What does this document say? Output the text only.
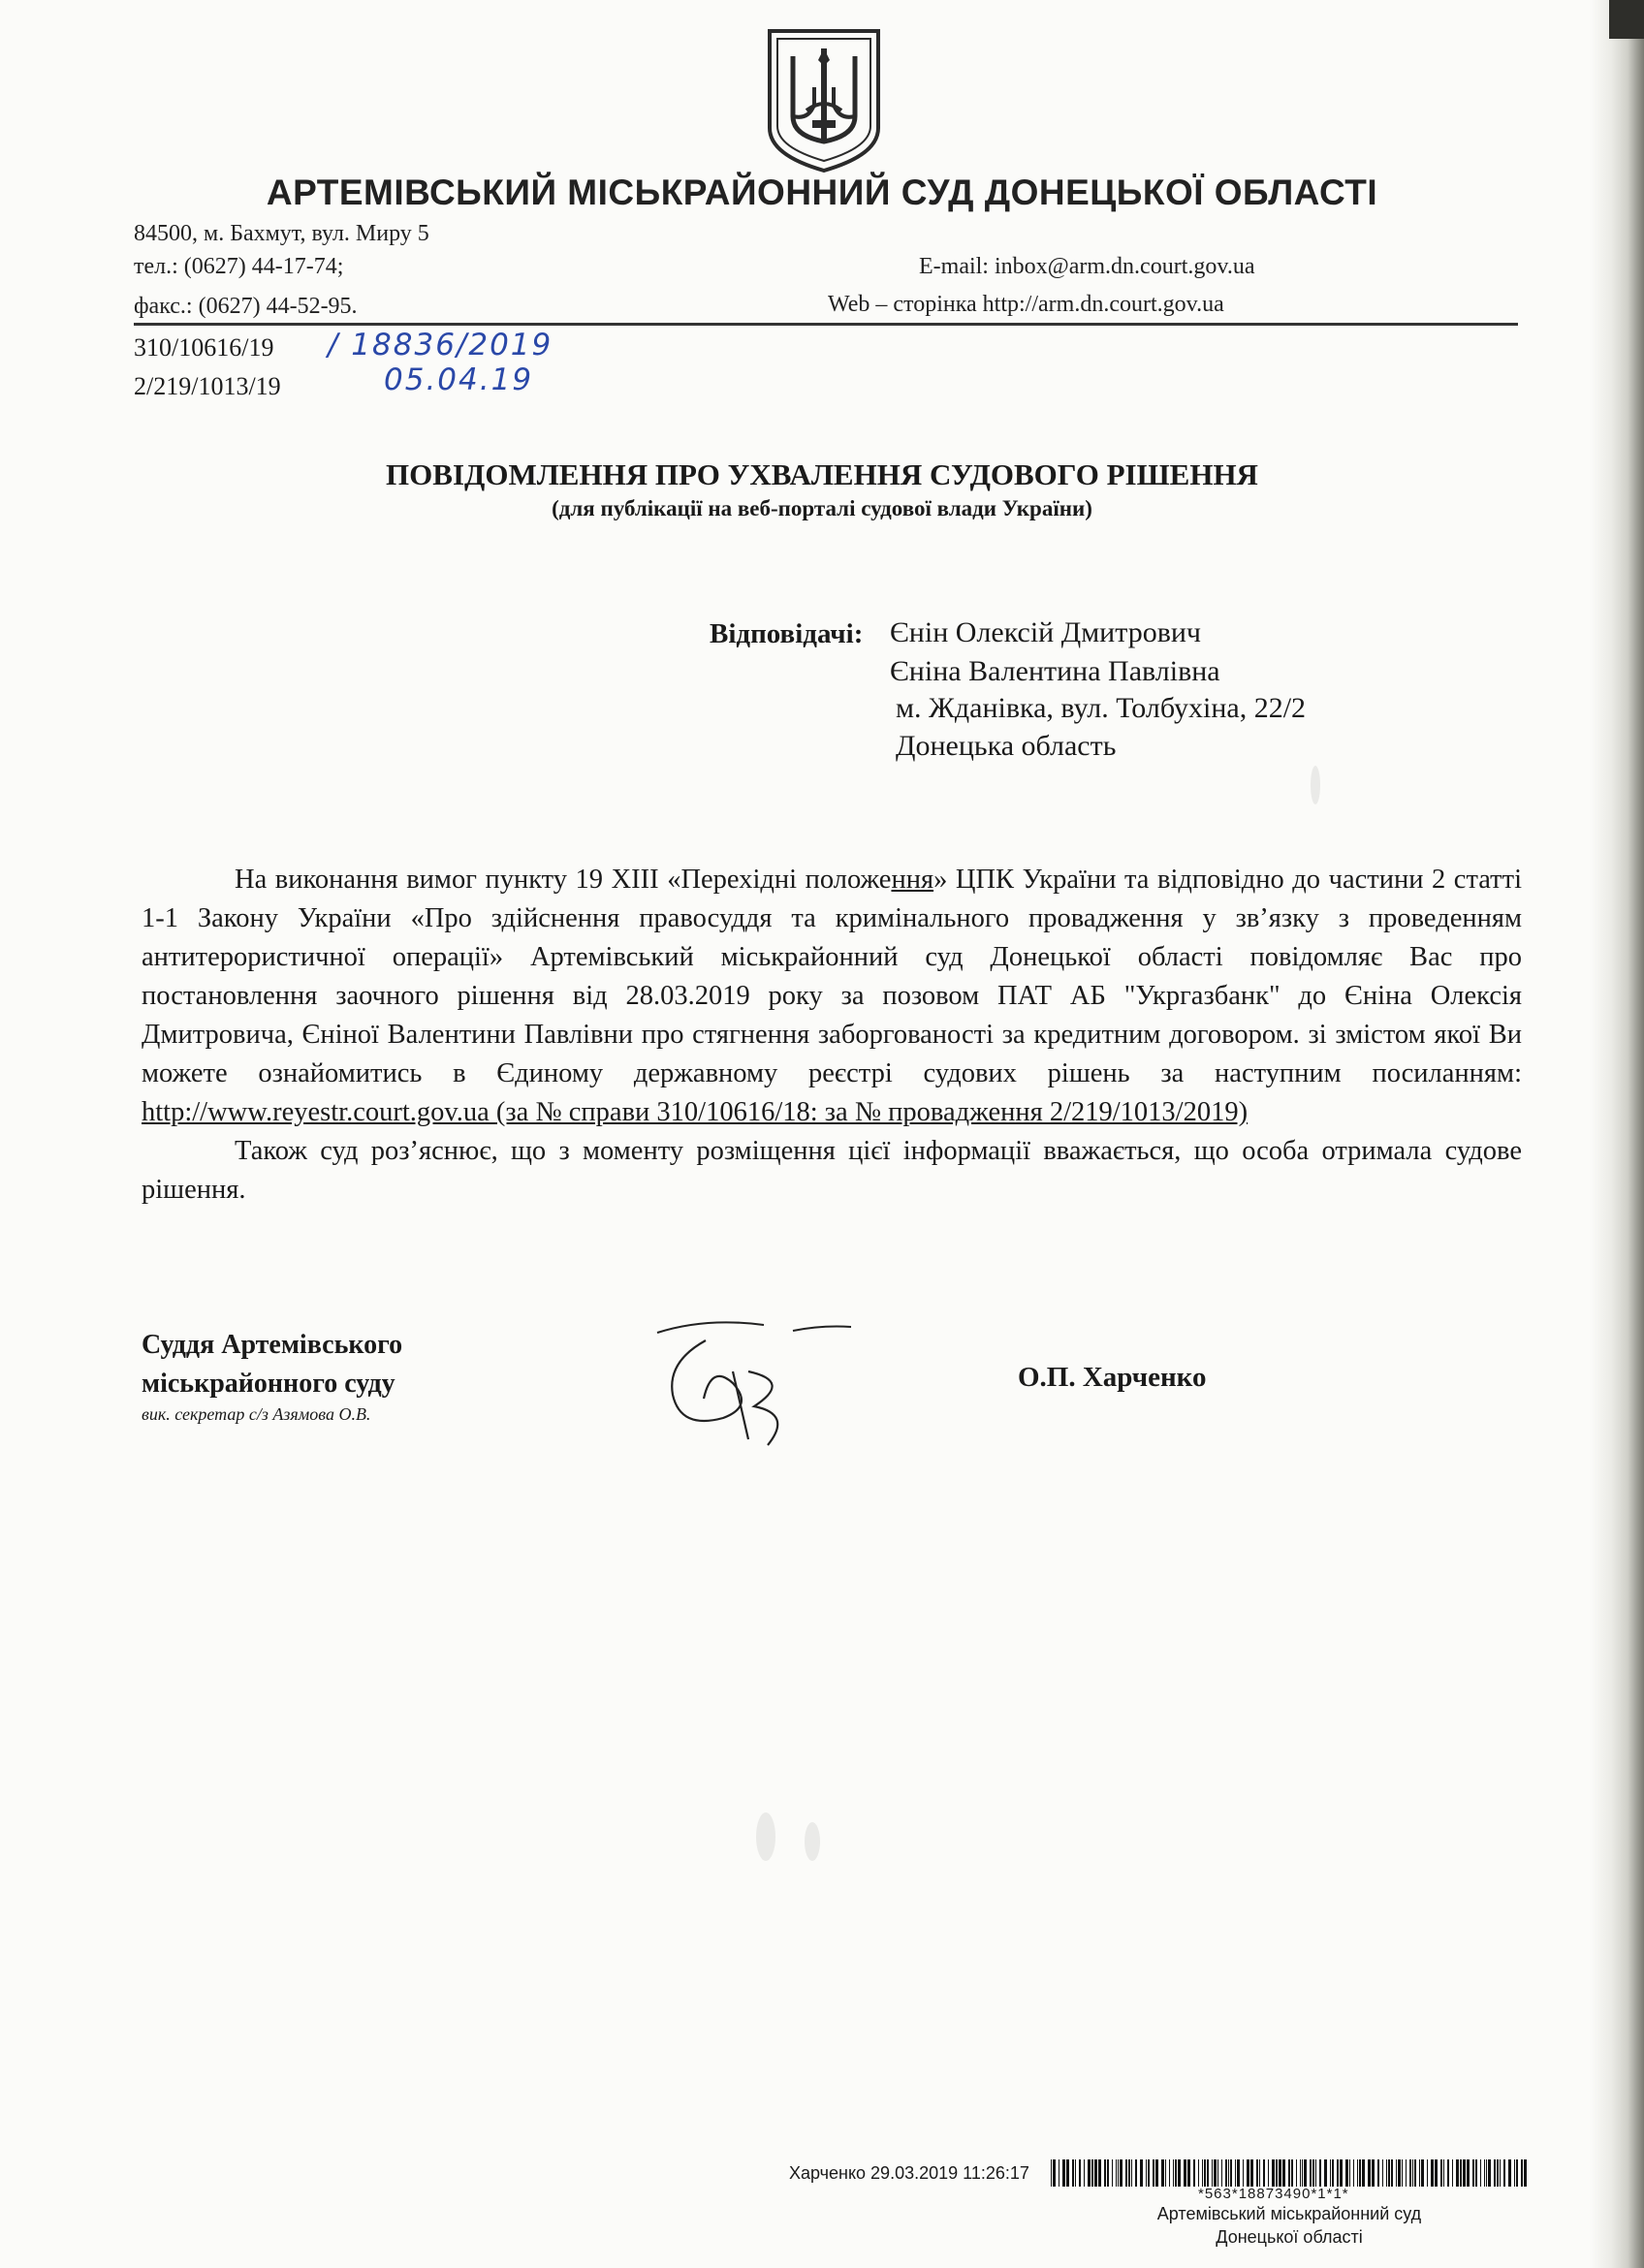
АРТЕМІВСЬКИЙ МІСЬКРАЙОННИЙ СУД ДОНЕЦЬКОЇ ОБЛАСТІ
84500, м. Бахмут, вул. Миру 5
тел.: (0627) 44-17-74;
факс.: (0627) 44-52-95.
E-mail: inbox@arm.dn.court.gov.ua
Web – сторінка http://arm.dn.court.gov.ua
310/10616/19
2/219/1013/19
/ 18836/2019
05.04.19
ПОВІДОМЛЕННЯ ПРО УХВАЛЕННЯ СУДОВОГО РІШЕННЯ
(для публікації на веб-порталі судової влади України)
Відповідачі: Єнін Олексій Дмитрович
Єніна Валентина Павлівна
м. Жданівка, вул. Толбухіна, 22/2
Донецька область

На виконання вимог пункту 19 XIII «Перехідні положення» ЦПК України та відповідно до частини 2 статті 1-1 Закону України «Про здійснення правосуддя та кримінального провадження у зв’язку з проведенням антитерористичної операції» Артемівський міськрайонний суд Донецької області повідомляє Вас про постановлення заочного рішення від 28.03.2019 року за позовом ПАТ АБ "Укргазбанк" до Єніна Олексія Дмитровича, Єніної Валентини Павлівни про стягнення заборгованості за кредитним договором. зі змістом якої Ви можете ознайомитись в Єдиному державному реєстрі судових рішень за наступним посиланням: http://www.reyestr.court.gov.ua (за № справи 310/10616/18: за № провадження 2/219/1013/2019)

Також суд роз’яснює, що з моменту розміщення цієї інформації вважається, що особа отримала судове рішення.

Суддя Артемівського
міськрайонного суду
вик. секретар с/з Азямова О.В.
О.П. Харченко
Артемівський міськрайонний суд
Донецької області
Харченко 29.03.2019 11:26:17
*563*18873490*1*1*
